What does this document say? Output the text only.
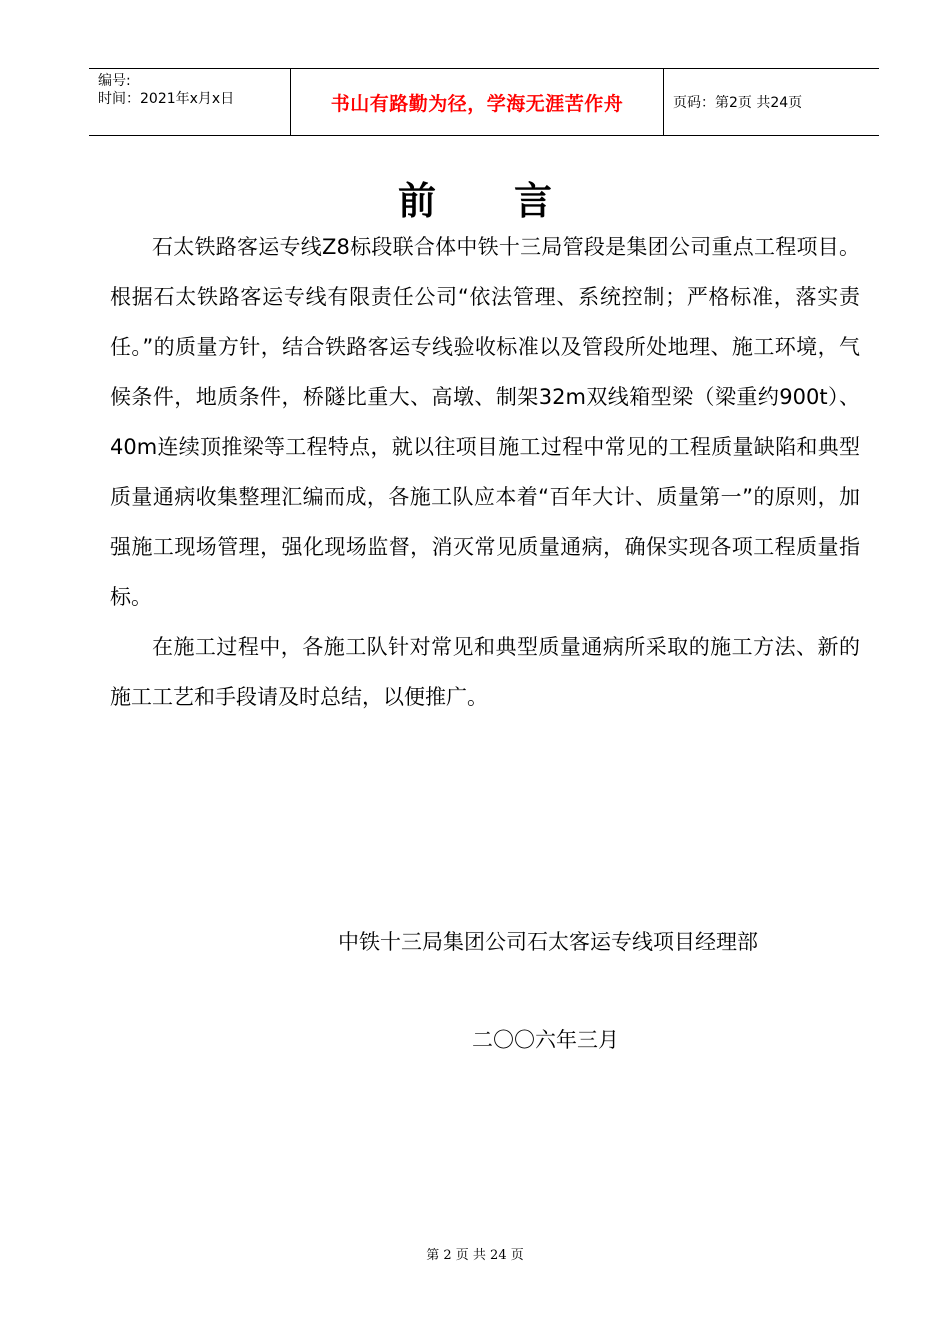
编号:
时间：2021年x月x日	书山有路勤为径，学海无涯苦作舟	页码：第2页 共24页
前 言

石太铁路客运专线Z8标段联合体中铁十三局管段是集团公司重点工程项目。根据石太铁路客运专线有限责任公司“依法管理、系统控制；严格标准，落实责任。”的质量方针，结合铁路客运专线验收标准以及管段所处地理、施工环境，气候条件，地质条件，桥隧比重大、高墩、制架32m双线箱型梁（梁重约900t）、40m连续顶推梁等工程特点，就以往项目施工过程中常见的工程质量缺陷和典型质量通病收集整理汇编而成，各施工队应本着“百年大计、质量第一”的原则，加强施工现场管理，强化现场监督，消灭常见质量通病，确保实现各项工程质量指标。

在施工过程中，各施工队针对常见和典型质量通病所采取的施工方法、新的施工工艺和手段请及时总结，以便推广。

中铁十三局集团公司石太客运专线项目经理部
二〇〇六年三月
第 2 页 共 24 页
